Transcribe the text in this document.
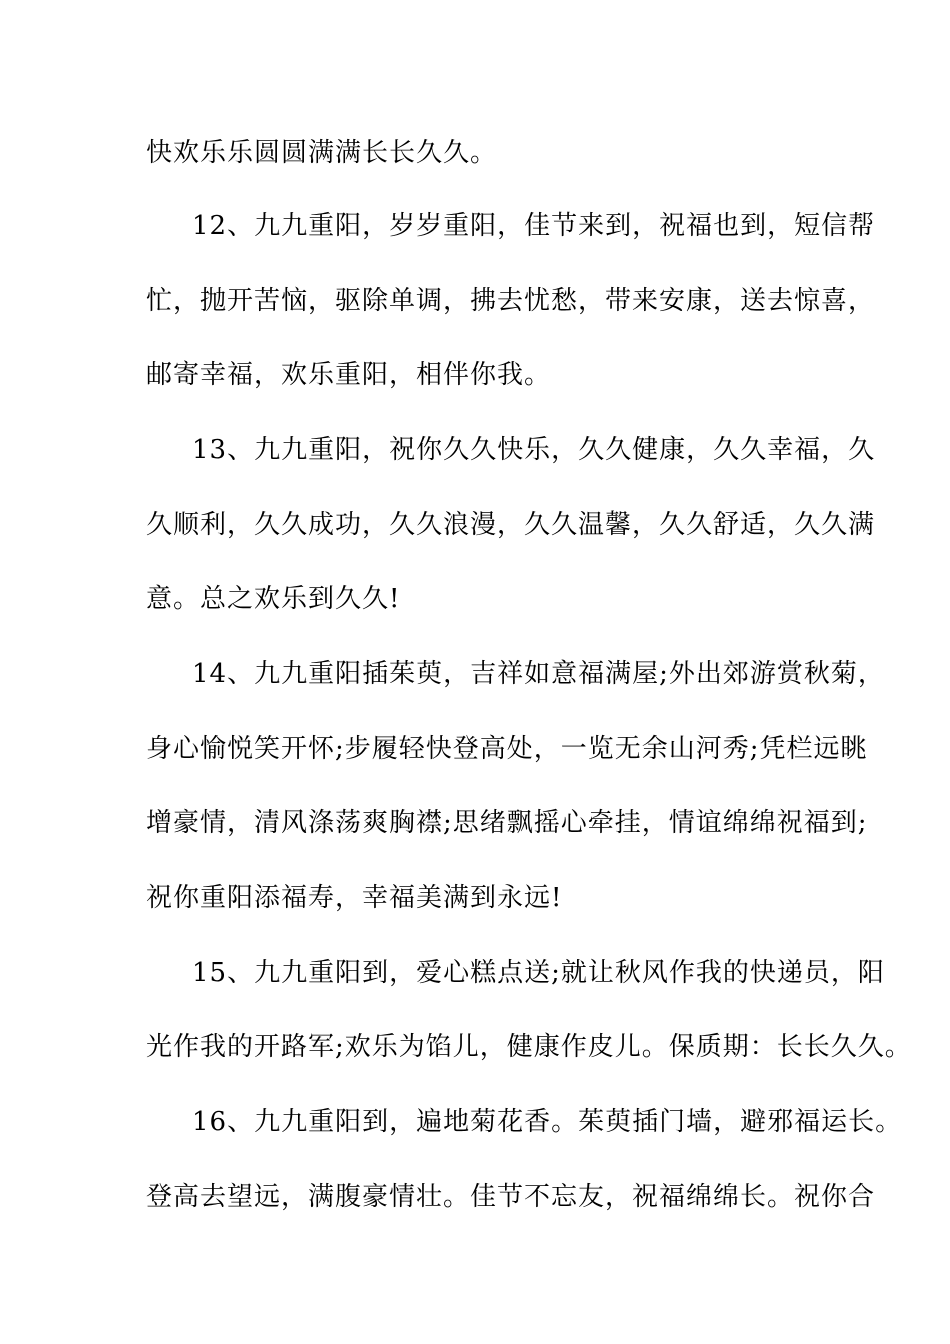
快欢乐乐圆圆满满长长久久。
12、九九重阳，岁岁重阳，佳节来到，祝福也到，短信帮
忙，抛开苦恼，驱除单调，拂去忧愁，带来安康，送去惊喜，
邮寄幸福，欢乐重阳，相伴你我。
13、九九重阳，祝你久久快乐，久久健康，久久幸福，久
久顺利，久久成功，久久浪漫，久久温馨，久久舒适，久久满
意。总之欢乐到久久!
14、九九重阳插茱萸，吉祥如意福满屋;外出郊游赏秋菊，
身心愉悦笑开怀;步履轻快登高处，一览无余山河秀;凭栏远眺
增豪情，清风涤荡爽胸襟;思绪飘摇心牵挂，情谊绵绵祝福到;
祝你重阳添福寿，幸福美满到永远!
15、九九重阳到，爱心糕点送;就让秋风作我的快递员，阳
光作我的开路军;欢乐为馅儿，健康作皮儿。保质期：长长久久。
16、九九重阳到，遍地菊花香。茱萸插门墙，避邪福运长。
登高去望远，满腹豪情壮。佳节不忘友，祝福绵绵长。祝你合
